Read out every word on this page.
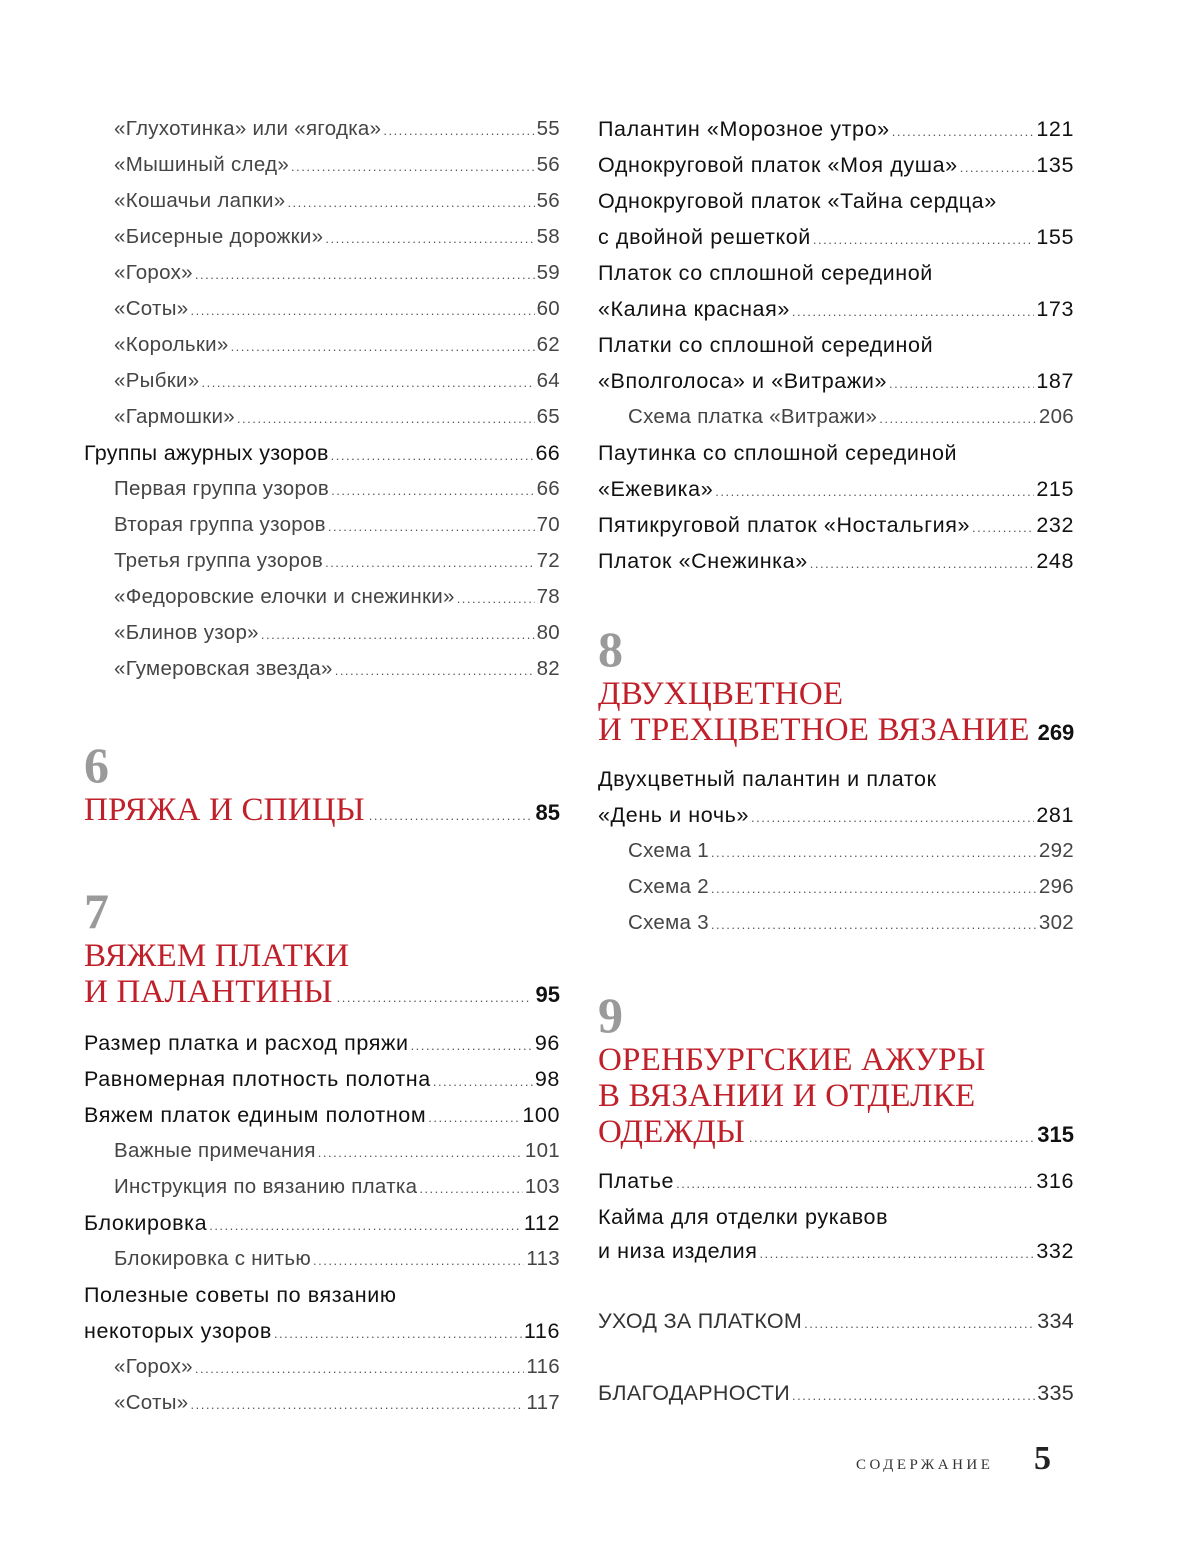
«Глухотинка» или «ягодка» .....	55
«Мышиный след» .....	56
«Кошачьи лапки» .....	56
«Бисерные дорожки» .....	58
«Горох» .....	59
«Соты» .....	60
«Корольки» .....	62
«Рыбки» .....	64
«Гармошки» .....	65
Группы ажурных узоров .....	66
Первая группа узоров .....	66
Вторая группа узоров .....	70
Третья группа узоров .....	72
«Федоровские елочки и снежинки» .....	78
«Блинов узор» .....	80
«Гумеровская звезда» .....	82
6
ПРЯЖА И СПИЦЫ .....	85
7
ВЯЖЕМ ПЛАТКИ
И ПАЛАНТИНЫ .....	95
Размер платка и расход пряжи .....	96
Равномерная плотность полотна .....	98
Вяжем платок единым полотном .....	100
Важные примечания .....	101
Инструкция по вязанию платка .....	103
Блокировка .....	112
Блокировка с нитью .....	113
Полезные советы по вязанию
некоторых узоров .....	116
«Горох» .....	116
«Соты» .....	117
Палантин «Морозное утро» .....	121
Однокруговой платок «Моя душа» .....	135
Однокруговой платок «Тайна сердца»
с двойной решеткой .....	155
Платок со сплошной серединой
«Калина красная» .....	173
Платки со сплошной серединой
«Вполголоса» и «Витражи» .....	187
Схема платка «Витражи» .....	206
Паутинка со сплошной серединой
«Ежевика» .....	215
Пятикруговой платок «Ностальгия» .....	232
Платок «Снежинка» .....	248
8
ДВУХЦВЕТНОЕ
И ТРЕХЦВЕТНОЕ ВЯЗАНИЕ 269
Двухцветный палантин и платок
«День и ночь» .....	281
Схема 1 .....	292
Схема 2 .....	296
Схема 3 .....	302
9
ОРЕНБУРГСКИЕ АЖУРЫ
В ВЯЗАНИИ И ОТДЕЛКЕ
ОДЕЖДЫ .....	315
Платье .....	316
Кайма для отделки рукавов
и низа изделия .....	332
УХОД ЗА ПЛАТКОМ .....	334
БЛАГОДАРНОСТИ .....	335
СОДЕРЖАНИЕ 5
